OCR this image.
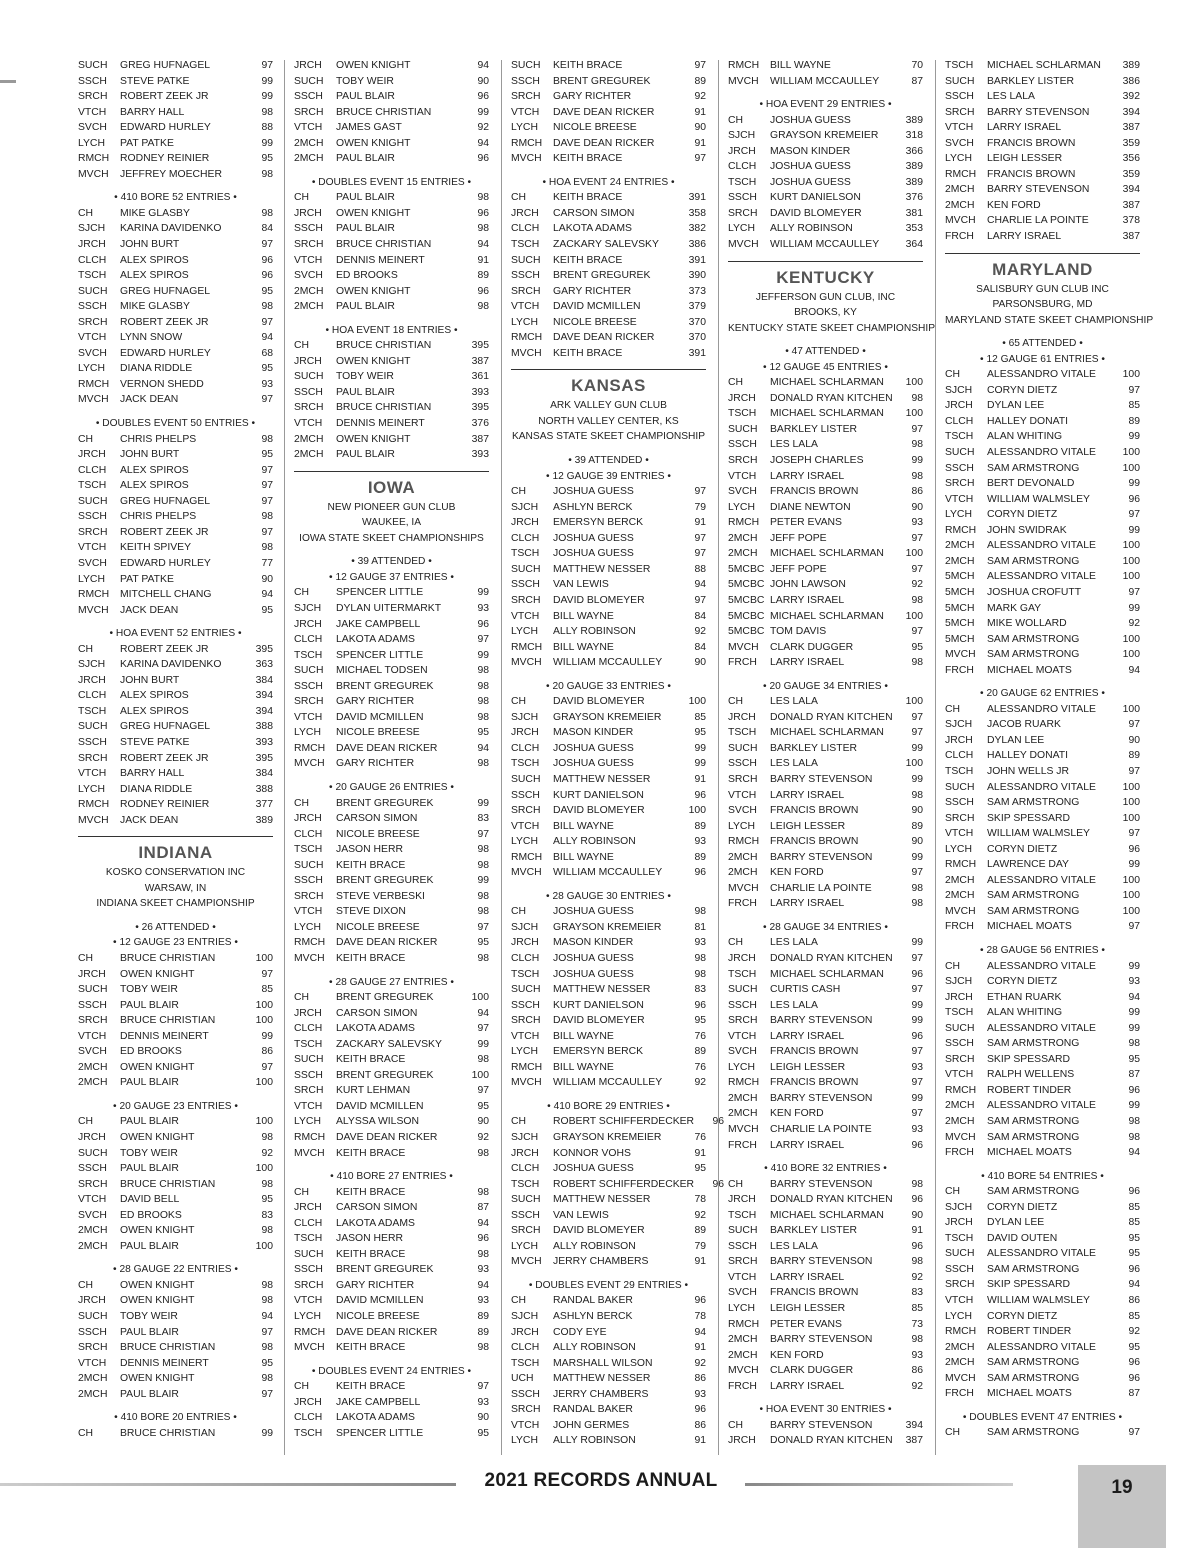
SUCH	GREG HUFNAGEL	97
SSCH	STEVE PATKE	99
SRCH	ROBERT ZEEK JR	99
VTCH	BARRY HALL	98
SVCH	EDWARD HURLEY	88
LYCH	PAT PATKE	99
RMCH	RODNEY REINIER	95
MVCH	JEFFREY MOECHER	98
• 410 BORE 52 ENTRIES •
CH	MIKE GLASBY	98
SJCH	KARINA DAVIDENKO	84
JRCH	JOHN BURT	97
CLCH	ALEX SPIROS	96
TSCH	ALEX SPIROS	96
SUCH	GREG HUFNAGEL	95
SSCH	MIKE GLASBY	98
SRCH	ROBERT ZEEK JR	97
VTCH	LYNN SNOW	94
SVCH	EDWARD HURLEY	68
LYCH	DIANA RIDDLE	95
RMCH	VERNON SHEDD	93
MVCH	JACK DEAN	97
• DOUBLES EVENT 50 ENTRIES •
CH	CHRIS PHELPS	98
JRCH	JOHN BURT	95
CLCH	ALEX SPIROS	97
TSCH	ALEX SPIROS	97
SUCH	GREG HUFNAGEL	97
SSCH	CHRIS PHELPS	98
SRCH	ROBERT ZEEK JR	97
VTCH	KEITH SPIVEY	98
SVCH	EDWARD HURLEY	77
LYCH	PAT PATKE	90
RMCH	MITCHELL CHANG	94
MVCH	JACK DEAN	95
• HOA EVENT 52 ENTRIES •
CH	ROBERT ZEEK JR	395
SJCH	KARINA DAVIDENKO	363
JRCH	JOHN BURT	384
CLCH	ALEX SPIROS	394
TSCH	ALEX SPIROS	394
SUCH	GREG HUFNAGEL	388
SSCH	STEVE PATKE	393
SRCH	ROBERT ZEEK JR	395
VTCH	BARRY HALL	384
LYCH	DIANA RIDDLE	388
RMCH	RODNEY REINIER	377
MVCH	JACK DEAN	389
INDIANA
KOSKO CONSERVATION INC
WARSAW, IN
INDIANA SKEET CHAMPIONSHIP
• 26 ATTENDED •
• 12 GAUGE 23 ENTRIES •
CH	BRUCE CHRISTIAN	100
JRCH	OWEN KNIGHT	97
SUCH	TOBY WEIR	85
SSCH	PAUL BLAIR	100
SRCH	BRUCE CHRISTIAN	100
VTCH	DENNIS MEINERT	99
SVCH	ED BROOKS	86
2MCH	OWEN KNIGHT	97
2MCH	PAUL BLAIR	100
• 20 GAUGE 23 ENTRIES •
CH	PAUL BLAIR	100
JRCH	OWEN KNIGHT	98
SUCH	TOBY WEIR	92
SSCH	PAUL BLAIR	100
SRCH	BRUCE CHRISTIAN	98
VTCH	DAVID BELL	95
SVCH	ED BROOKS	83
2MCH	OWEN KNIGHT	98
2MCH	PAUL BLAIR	100
• 28 GAUGE 22 ENTRIES •
CH	OWEN KNIGHT	98
JRCH	OWEN KNIGHT	98
SUCH	TOBY WEIR	94
SSCH	PAUL BLAIR	97
SRCH	BRUCE CHRISTIAN	98
VTCH	DENNIS MEINERT	95
2MCH	OWEN KNIGHT	98
2MCH	PAUL BLAIR	97
• 410 BORE 20 ENTRIES •
CH	BRUCE CHRISTIAN	99
JRCH	OWEN KNIGHT	94
SUCH	TOBY WEIR	90
SSCH	PAUL BLAIR	96
SRCH	BRUCE CHRISTIAN	99
VTCH	JAMES GAST	92
2MCH	OWEN KNIGHT	94
2MCH	PAUL BLAIR	96
• DOUBLES EVENT 15 ENTRIES •
CH	PAUL BLAIR	98
JRCH	OWEN KNIGHT	96
SSCH	PAUL BLAIR	98
SRCH	BRUCE CHRISTIAN	94
VTCH	DENNIS MEINERT	91
SVCH	ED BROOKS	89
2MCH	OWEN KNIGHT	96
2MCH	PAUL BLAIR	98
• HOA EVENT 18 ENTRIES •
CH	BRUCE CHRISTIAN	395
JRCH	OWEN KNIGHT	387
SUCH	TOBY WEIR	361
SSCH	PAUL BLAIR	393
SRCH	BRUCE CHRISTIAN	395
VTCH	DENNIS MEINERT	376
2MCH	OWEN KNIGHT	387
2MCH	PAUL BLAIR	393
IOWA
NEW PIONEER GUN CLUB
WAUKEE, IA
IOWA STATE SKEET CHAMPIONSHIPS
• 39 ATTENDED •
• 12 GAUGE 37 ENTRIES •
CH	SPENCER LITTLE	99
SJCH	DYLAN UITERMARKT	93
JRCH	JAKE CAMPBELL	96
CLCH	LAKOTA ADAMS	97
TSCH	SPENCER LITTLE	99
SUCH	MICHAEL TODSEN	98
SSCH	BRENT GREGUREK	98
SRCH	GARY RICHTER	98
VTCH	DAVID MCMILLEN	98
LYCH	NICOLE BREESE	95
RMCH	DAVE DEAN RICKER	94
MVCH	GARY RICHTER	98
• 20 GAUGE 26 ENTRIES •
CH	BRENT GREGUREK	99
JRCH	CARSON SIMON	83
CLCH	NICOLE BREESE	97
TSCH	JASON HERR	98
SUCH	KEITH BRACE	98
SSCH	BRENT GREGUREK	99
SRCH	STEVE VERBESKI	98
VTCH	STEVE DIXON	98
LYCH	NICOLE BREESE	97
RMCH	DAVE DEAN RICKER	95
MVCH	KEITH BRACE	98
• 28 GAUGE 27 ENTRIES •
CH	BRENT GREGUREK	100
JRCH	CARSON SIMON	94
CLCH	LAKOTA ADAMS	97
TSCH	ZACKARY SALEVSKY	99
SUCH	KEITH BRACE	98
SSCH	BRENT GREGUREK	100
SRCH	KURT LEHMAN	97
VTCH	DAVID MCMILLEN	95
LYCH	ALYSSA WILSON	90
RMCH	DAVE DEAN RICKER	92
MVCH	KEITH BRACE	98
• 410 BORE 27 ENTRIES •
CH	KEITH BRACE	98
JRCH	CARSON SIMON	87
CLCH	LAKOTA ADAMS	94
TSCH	JASON HERR	96
SUCH	KEITH BRACE	98
SSCH	BRENT GREGUREK	93
SRCH	GARY RICHTER	94
VTCH	DAVID MCMILLEN	93
LYCH	NICOLE BREESE	89
RMCH	DAVE DEAN RICKER	89
MVCH	KEITH BRACE	98
• DOUBLES EVENT 24 ENTRIES •
CH	KEITH BRACE	97
JRCH	JAKE CAMPBELL	93
CLCH	LAKOTA ADAMS	90
TSCH	SPENCER LITTLE	95
SUCH	KEITH BRACE	97
SSCH	BRENT GREGUREK	89
SRCH	GARY RICHTER	92
VTCH	DAVE DEAN RICKER	91
LYCH	NICOLE BREESE	90
RMCH	DAVE DEAN RICKER	91
MVCH	KEITH BRACE	97
• HOA EVENT 24 ENTRIES •
CH	KEITH BRACE	391
JRCH	CARSON SIMON	358
CLCH	LAKOTA ADAMS	382
TSCH	ZACKARY SALEVSKY	386
SUCH	KEITH BRACE	391
SSCH	BRENT GREGUREK	390
SRCH	GARY RICHTER	373
VTCH	DAVID MCMILLEN	379
LYCH	NICOLE BREESE	370
RMCH	DAVE DEAN RICKER	370
MVCH	KEITH BRACE	391
KANSAS
ARK VALLEY GUN CLUB
NORTH VALLEY CENTER, KS
KANSAS STATE SKEET CHAMPIONSHIP
• 39 ATTENDED •
• 12 GAUGE 39 ENTRIES •
CH	JOSHUA GUESS	97
SJCH	ASHLYN BERCK	79
JRCH	EMERSYN BERCK	91
CLCH	JOSHUA GUESS	97
TSCH	JOSHUA GUESS	97
SUCH	MATTHEW NESSER	88
SSCH	VAN LEWIS	94
SRCH	DAVID BLOMEYER	97
VTCH	BILL WAYNE	84
LYCH	ALLY ROBINSON	92
RMCH	BILL WAYNE	84
MVCH	WILLIAM MCCAULLEY	90
• 20 GAUGE 33 ENTRIES •
CH	DAVID BLOMEYER	100
SJCH	GRAYSON KREMEIER	85
JRCH	MASON KINDER	95
CLCH	JOSHUA GUESS	99
TSCH	JOSHUA GUESS	99
SUCH	MATTHEW NESSER	91
SSCH	KURT DANIELSON	96
SRCH	DAVID BLOMEYER	100
VTCH	BILL WAYNE	89
LYCH	ALLY ROBINSON	93
RMCH	BILL WAYNE	89
MVCH	WILLIAM MCCAULLEY	96
• 28 GAUGE 30 ENTRIES •
CH	JOSHUA GUESS	98
SJCH	GRAYSON KREMEIER	81
JRCH	MASON KINDER	93
CLCH	JOSHUA GUESS	98
TSCH	JOSHUA GUESS	98
SUCH	MATTHEW NESSER	83
SSCH	KURT DANIELSON	96
SRCH	DAVID BLOMEYER	95
VTCH	BILL WAYNE	76
LYCH	EMERSYN BERCK	89
RMCH	BILL WAYNE	76
MVCH	WILLIAM MCCAULLEY	92
• 410 BORE 29 ENTRIES •
CH	ROBERT SCHIFFERDECKER	96
SJCH	GRAYSON KREMEIER	76
JRCH	KONNOR VOHS	91
CLCH	JOSHUA GUESS	95
TSCH	ROBERT SCHIFFERDECKER	96
SUCH	MATTHEW NESSER	78
SSCH	VAN LEWIS	92
SRCH	DAVID BLOMEYER	89
LYCH	ALLY ROBINSON	79
MVCH	JERRY CHAMBERS	91
• DOUBLES EVENT 29 ENTRIES •
CH	RANDAL BAKER	96
SJCH	ASHLYN BERCK	78
JRCH	CODY EYE	94
CLCH	ALLY ROBINSON	91
TSCH	MARSHALL WILSON	92
UCH	MATTHEW NESSER	86
SSCH	JERRY CHAMBERS	93
SRCH	RANDAL BAKER	96
VTCH	JOHN GERMES	86
LYCH	ALLY ROBINSON	91
RMCH	BILL WAYNE	70
MVCH	WILLIAM MCCAULLEY	87
• HOA EVENT 29 ENTRIES •
CH	JOSHUA GUESS	389
SJCH	GRAYSON KREMEIER	318
JRCH	MASON KINDER	366
CLCH	JOSHUA GUESS	389
TSCH	JOSHUA GUESS	389
SSCH	KURT DANIELSON	376
SRCH	DAVID BLOMEYER	381
LYCH	ALLY ROBINSON	353
MVCH	WILLIAM MCCAULLEY	364
KENTUCKY
JEFFERSON GUN CLUB, INC
BROOKS, KY
KENTUCKY STATE SKEET CHAMPIONSHIP
• 47 ATTENDED •
• 12 GAUGE 45 ENTRIES •
CH	MICHAEL SCHLARMAN	100
JRCH	DONALD RYAN KITCHEN	98
TSCH	MICHAEL SCHLARMAN	100
SUCH	BARKLEY LISTER	97
SSCH	LES LALA	98
SRCH	JOSEPH CHARLES	99
VTCH	LARRY ISRAEL	98
SVCH	FRANCIS BROWN	86
LYCH	DIANE NEWTON	90
RMCH	PETER EVANS	93
2MCH	JEFF POPE	97
2MCH	MICHAEL SCHLARMAN	100
5MCBC JEFF POPE	97
5MCBC JOHN LAWSON	92
5MCBC LARRY ISRAEL	98
5MCBC MICHAEL SCHLARMAN	100
5MCBC TOM DAVIS	97
MVCH	CLARK DUGGER	95
FRCH	LARRY ISRAEL	98
• 20 GAUGE 34 ENTRIES •
CH	LES LALA	100
JRCH	DONALD RYAN KITCHEN	97
TSCH	MICHAEL SCHLARMAN	97
SUCH	BARKLEY LISTER	99
SSCH	LES LALA	100
SRCH	BARRY STEVENSON	99
VTCH	LARRY ISRAEL	98
SVCH	FRANCIS BROWN	90
LYCH	LEIGH LESSER	89
RMCH	FRANCIS BROWN	90
2MCH	BARRY STEVENSON	99
2MCH	KEN FORD	97
MVCH	CHARLIE LA POINTE	98
FRCH	LARRY ISRAEL	98
• 28 GAUGE 34 ENTRIES •
CH	LES LALA	99
JRCH	DONALD RYAN KITCHEN	97
TSCH	MICHAEL SCHLARMAN	96
SUCH	CURTIS CASH	97
SSCH	LES LALA	99
SRCH	BARRY STEVENSON	99
VTCH	LARRY ISRAEL	96
SVCH	FRANCIS BROWN	97
LYCH	LEIGH LESSER	93
RMCH	FRANCIS BROWN	97
2MCH	BARRY STEVENSON	99
2MCH	KEN FORD	97
MVCH	CHARLIE LA POINTE	93
FRCH	LARRY ISRAEL	96
• 410 BORE 32 ENTRIES •
CH	BARRY STEVENSON	98
JRCH	DONALD RYAN KITCHEN	96
TSCH	MICHAEL SCHLARMAN	90
SUCH	BARKLEY LISTER	91
SSCH	LES LALA	96
SRCH	BARRY STEVENSON	98
VTCH	LARRY ISRAEL	92
SVCH	FRANCIS BROWN	83
LYCH	LEIGH LESSER	85
RMCH	PETER EVANS	73
2MCH	BARRY STEVENSON	98
2MCH	KEN FORD	93
MVCH	CLARK DUGGER	86
FRCH	LARRY ISRAEL	92
• HOA EVENT 30 ENTRIES •
CH	BARRY STEVENSON	394
JRCH	DONALD RYAN KITCHEN	387
TSCH	MICHAEL SCHLARMAN	389
SUCH	BARKLEY LISTER	386
SSCH	LES LALA	392
SRCH	BARRY STEVENSON	394
VTCH	LARRY ISRAEL	387
SVCH	FRANCIS BROWN	359
LYCH	LEIGH LESSER	356
RMCH	FRANCIS BROWN	359
2MCH	BARRY STEVENSON	394
2MCH	KEN FORD	387
MVCH	CHARLIE LA POINTE	378
FRCH	LARRY ISRAEL	387
MARYLAND
SALISBURY GUN CLUB INC
PARSONSBURG, MD
MARYLAND STATE SKEET CHAMPIONSHIP
• 65 ATTENDED •
• 12 GAUGE 61 ENTRIES •
CH	ALESSANDRO VITALE	100
SJCH	CORYN DIETZ	97
JRCH	DYLAN LEE	85
CLCH	HALLEY DONATI	89
TSCH	ALAN WHITING	99
SUCH	ALESSANDRO VITALE	100
SSCH	SAM ARMSTRONG	100
SRCH	BERT DEVONALD	99
VTCH	WILLIAM WALMSLEY	96
LYCH	CORYN DIETZ	97
RMCH	JOHN SWIDRAK	99
2MCH	ALESSANDRO VITALE	100
2MCH	SAM ARMSTRONG	100
5MCH	ALESSANDRO VITALE	100
5MCH	JOSHUA CROFUTT	97
5MCH	MARK GAY	99
5MCH	MIKE WOLLARD	92
5MCH	SAM ARMSTRONG	100
MVCH	SAM ARMSTRONG	100
FRCH	MICHAEL MOATS	94
• 20 GAUGE 62 ENTRIES •
CH	ALESSANDRO VITALE	100
SJCH	JACOB RUARK	97
JRCH	DYLAN LEE	90
CLCH	HALLEY DONATI	89
TSCH	JOHN WELLS JR	97
SUCH	ALESSANDRO VITALE	100
SSCH	SAM ARMSTRONG	100
SRCH	SKIP SPESSARD	100
VTCH	WILLIAM WALMSLEY	97
LYCH	CORYN DIETZ	96
RMCH	LAWRENCE DAY	99
2MCH	ALESSANDRO VITALE	100
2MCH	SAM ARMSTRONG	100
MVCH	SAM ARMSTRONG	100
FRCH	MICHAEL MOATS	97
• 28 GAUGE 56 ENTRIES •
CH	ALESSANDRO VITALE	99
SJCH	CORYN DIETZ	93
JRCH	ETHAN RUARK	94
TSCH	ALAN WHITING	99
SUCH	ALESSANDRO VITALE	99
SSCH	SAM ARMSTRONG	98
SRCH	SKIP SPESSARD	95
VTCH	RALPH WELLENS	87
RMCH	ROBERT TINDER	96
2MCH	ALESSANDRO VITALE	99
2MCH	SAM ARMSTRONG	98
MVCH	SAM ARMSTRONG	98
FRCH	MICHAEL MOATS	94
• 410 BORE 54 ENTRIES •
CH	SAM ARMSTRONG	96
SJCH	CORYN DIETZ	85
JRCH	DYLAN LEE	85
TSCH	DAVID OUTEN	95
SUCH	ALESSANDRO VITALE	95
SSCH	SAM ARMSTRONG	96
SRCH	SKIP SPESSARD	94
VTCH	WILLIAM WALMSLEY	86
LYCH	CORYN DIETZ	85
RMCH	ROBERT TINDER	92
2MCH	ALESSANDRO VITALE	95
2MCH	SAM ARMSTRONG	96
MVCH	SAM ARMSTRONG	96
FRCH	MICHAEL MOATS	87
• DOUBLES EVENT 47 ENTRIES •
CH	SAM ARMSTRONG	97
2021 RECORDS ANNUAL	19
